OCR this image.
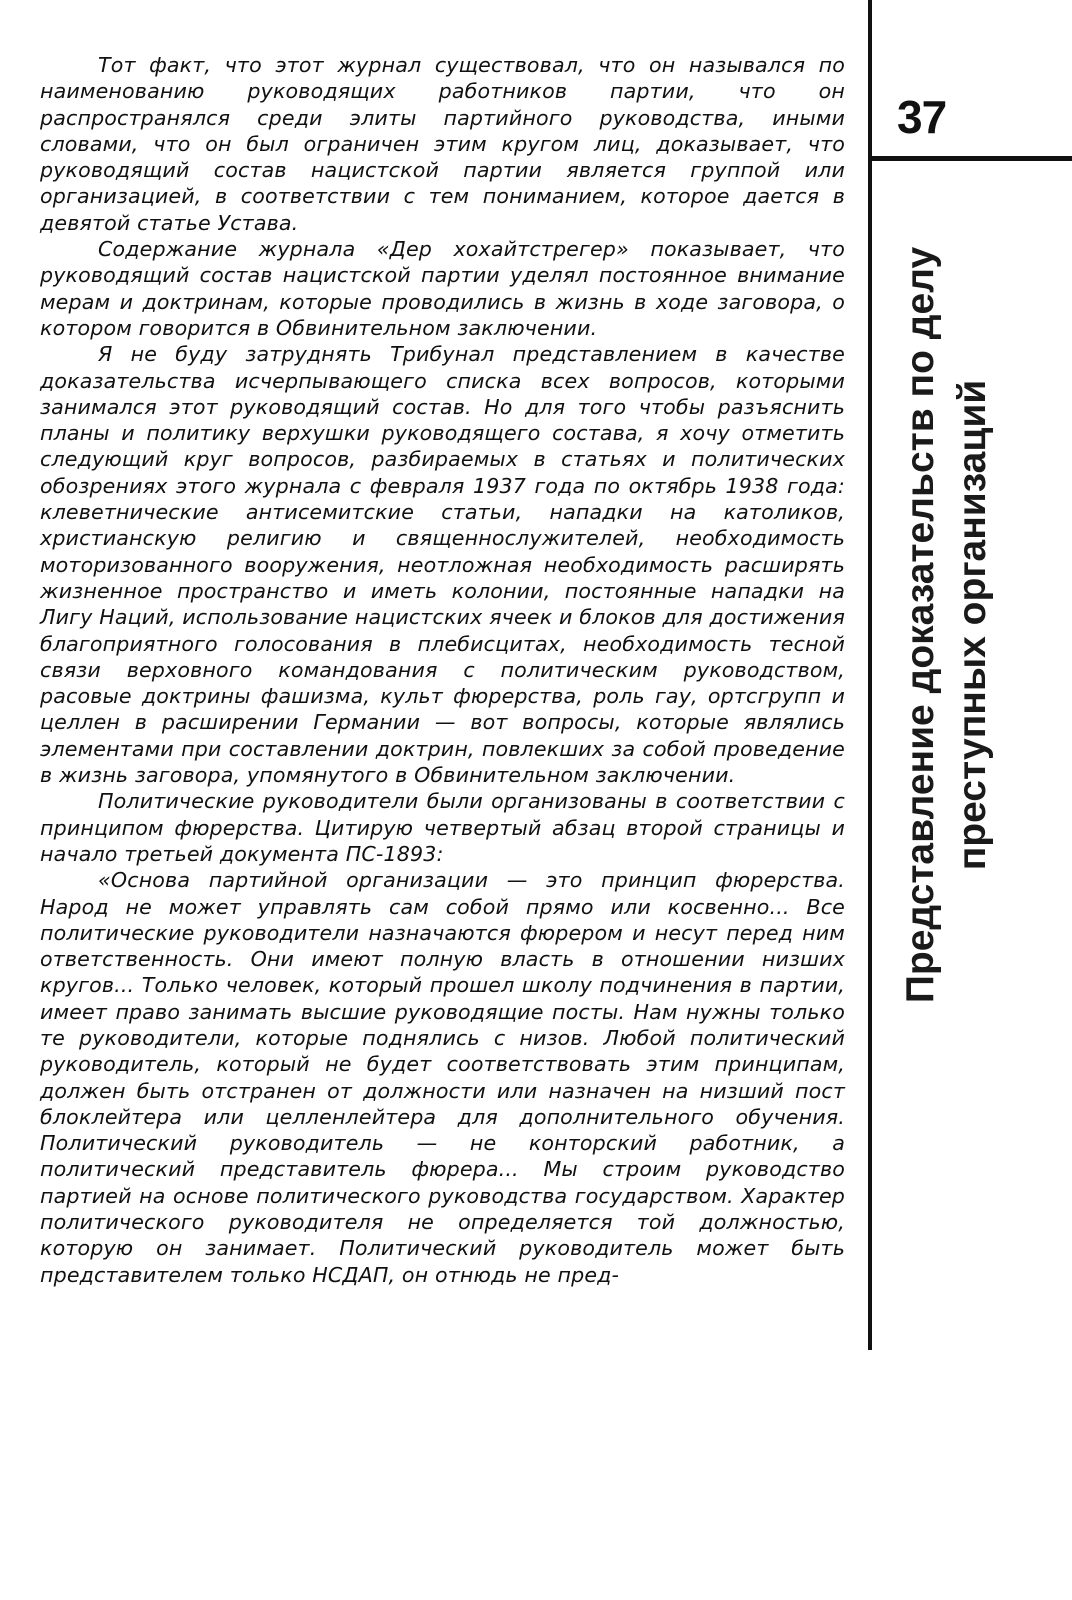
Тот факт, что этот журнал существовал, что он назывался по наименованию руководящих работников партии, что он распространялся среди элиты партийного руководства, иными словами, что он был ограничен этим кругом лиц, доказывает, что руководящий состав нацистской партии является группой или организацией, в соответствии с тем пониманием, которое дается в девятой статье Устава.

Содержание журнала «Дер хохайтстрегер» показывает, что руководящий состав нацистской партии уделял постоянное внимание мерам и доктринам, которые проводились в жизнь в ходе заговора, о котором говорится в Обвинительном заключении.

Я не буду затруднять Трибунал представлением в качестве доказательства исчерпывающего списка всех вопросов, которыми занимался этот руководящий состав. Но для того чтобы разъяснить планы и политику верхушки руководящего состава, я хочу отметить следующий круг вопросов, разбираемых в статьях и политических обозрениях этого журнала с февраля 1937 года по октябрь 1938 года: клеветнические антисемитские статьи, нападки на католиков, христианскую религию и священнослужителей, необходимость моторизованного вооружения, неотложная необходимость расширять жизненное пространство и иметь колонии, постоянные нападки на Лигу Наций, использование нацистских ячеек и блоков для достижения благоприятного голосования в плебисцитах, необходимость тесной связи верховного командования с политическим руководством, расовые доктрины фашизма, культ фюрерства, роль гау, ортсгрупп и целлен в расширении Германии — вот вопросы, которые являлись элементами при составлении доктрин, повлекших за собой проведение в жизнь заговора, упомянутого в Обвинительном заключении.

Политические руководители были организованы в соответствии с принципом фюрерства. Цитирую четвертый абзац второй страницы и начало третьей документа ПС-1893:

«Основа партийной организации — это принцип фюрерства. Народ не может управлять сам собой прямо или косвенно... Все политические руководители назначаются фюрером и несут перед ним ответственность. Они имеют полную власть в отношении низших кругов... Только человек, который прошел школу подчинения в партии, имеет право занимать высшие руководящие посты. Нам нужны только те руководители, которые поднялись с низов. Любой политический руководитель, который не будет соответствовать этим принципам, должен быть отстранен от должности или назначен на низший пост блоклейтера или целленлейтера для дополнительного обучения. Политический руководитель — не конторский работник, а политический представитель фюрера... Мы строим руководство партией на основе политического руководства государством. Характер политического руководителя не определяется той должностью, которую он занимает. Политический руководитель может быть представителем только НСДАП, он отнюдь не пред-

37
Представление доказательств по делу преступных организаций
